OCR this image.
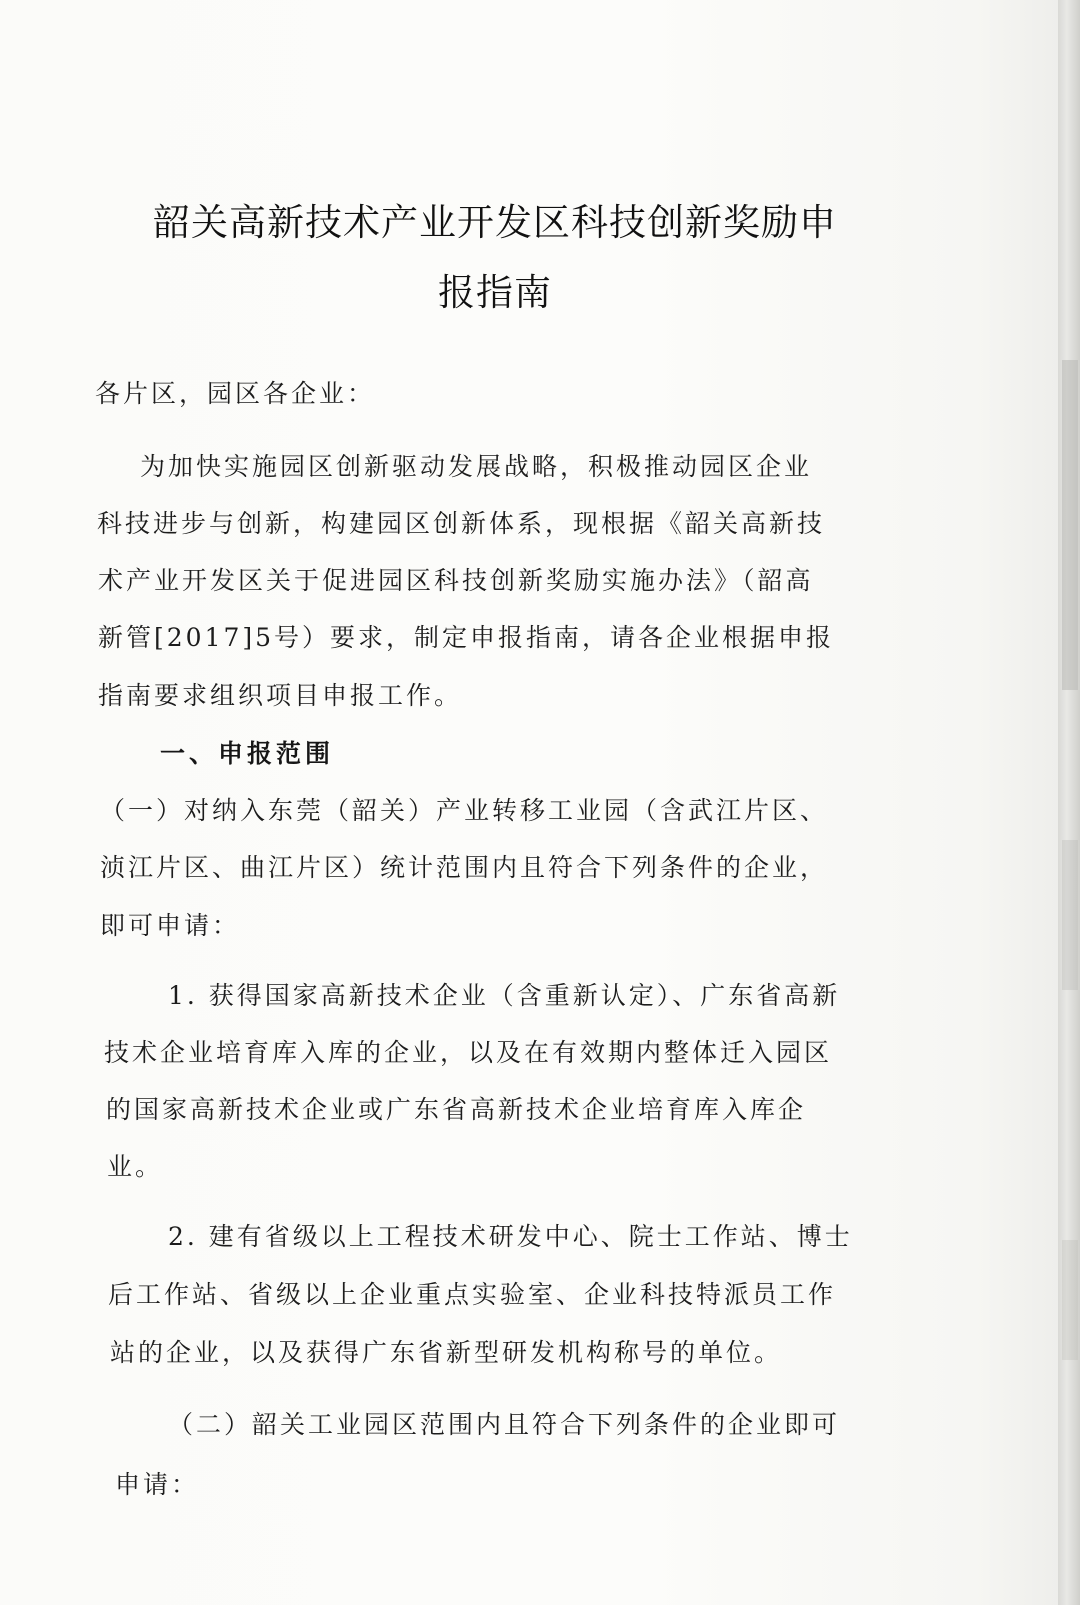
韶关高新技术产业开发区科技创新奖励申
报指南
各片区，园区各企业：
为加快实施园区创新驱动发展战略，积极推动园区企业
科技进步与创新，构建园区创新体系，现根据《韶关高新技
术产业开发区关于促进园区科技创新奖励实施办法》（韶高
新管[2017]5号）要求，制定申报指南，请各企业根据申报
指南要求组织项目申报工作。
一、申报范围
（一）对纳入东莞（韶关）产业转移工业园（含武江片区、
浈江片区、曲江片区）统计范围内且符合下列条件的企业，
即可申请：
1. 获得国家高新技术企业（含重新认定）、广东省高新
技术企业培育库入库的企业，以及在有效期内整体迁入园区
的国家高新技术企业或广东省高新技术企业培育库入库企
业。
2. 建有省级以上工程技术研发中心、院士工作站、博士
后工作站、省级以上企业重点实验室、企业科技特派员工作
站的企业，以及获得广东省新型研发机构称号的单位。
（二）韶关工业园区范围内且符合下列条件的企业即可
申请：
